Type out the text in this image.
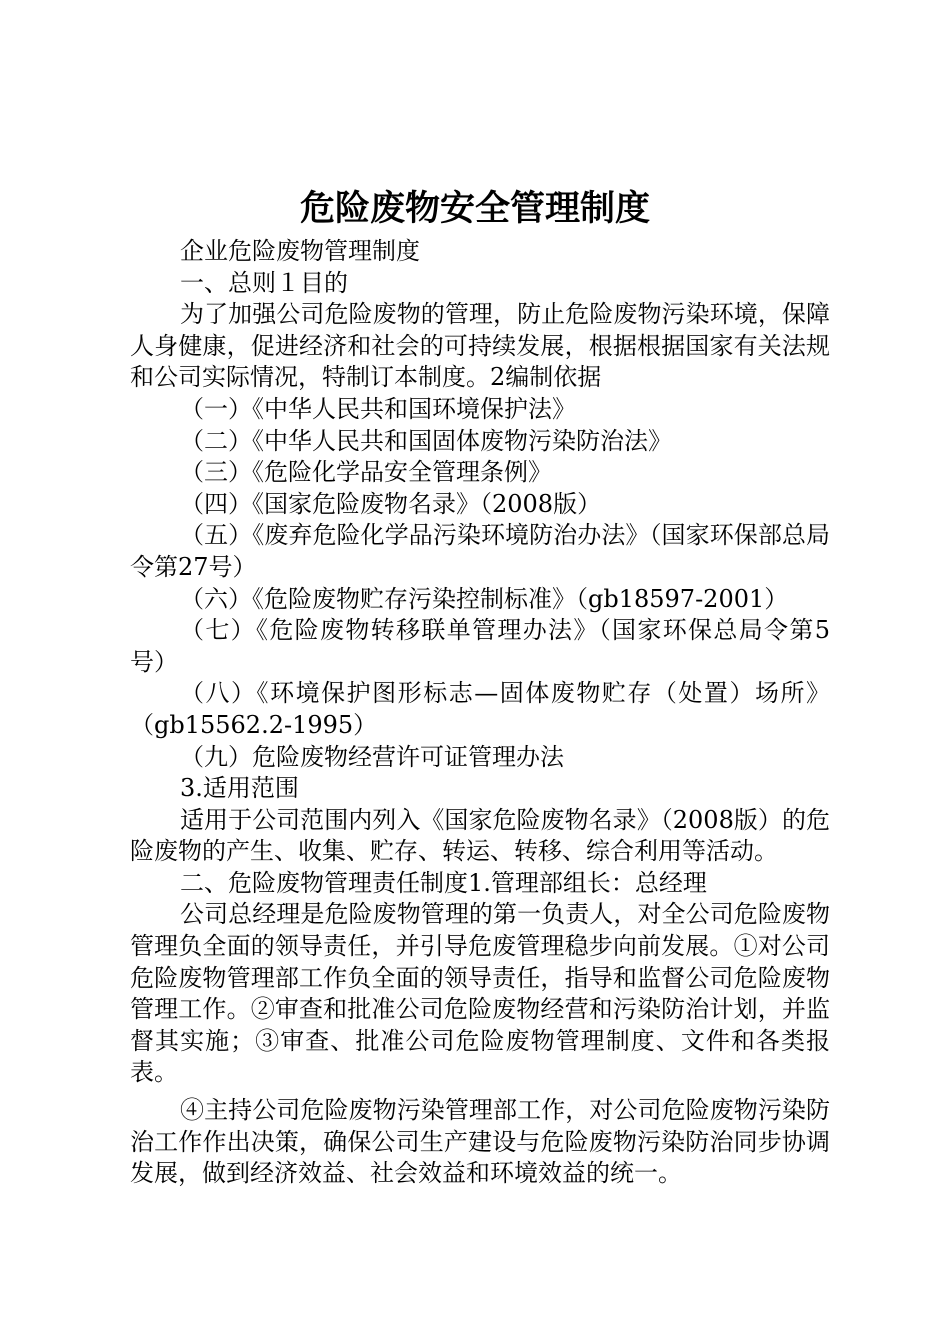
危险废物安全管理制度

企业危险废物管理制度

一、总则１目的

为了加强公司危险废物的管理，防止危险废物污染环境，保障人身健康，促进经济和社会的可持续发展，根据根据国家有关法规和公司实际情况，特制订本制度。2编制依据

（一）《中华人民共和国环境保护法》

（二）《中华人民共和国固体废物污染防治法》

（三）《危险化学品安全管理条例》

（四）《国家危险废物名录》（2008版）

（五）《废弃危险化学品污染环境防治办法》（国家环保部总局令第27号）

（六）《危险废物贮存污染控制标准》（gb18597-2001）

（七）《危险废物转移联单管理办法》（国家环保总局令第5号）

（八）《环境保护图形标志—固体废物贮存（处置）场所》（gb15562.2-1995）

（九）危险废物经营许可证管理办法

3.适用范围

适用于公司范围内列入《国家危险废物名录》（2008版）的危险废物的产生、收集、贮存、转运、转移、综合利用等活动。

二、危险废物管理责任制度1.管理部组长：总经理

公司总经理是危险废物管理的第一负责人，对全公司危险废物管理负全面的领导责任，并引导危废管理稳步向前发展。①对公司危险废物管理部工作负全面的领导责任，指导和监督公司危险废物管理工作。②审查和批准公司危险废物经营和污染防治计划，并监督其实施；③审查、批准公司危险废物管理制度、文件和各类报表。

④主持公司危险废物污染管理部工作，对公司危险废物污染防治工作作出决策，确保公司生产建设与危险废物污染防治同步协调发展，做到经济效益、社会效益和环境效益的统一。
